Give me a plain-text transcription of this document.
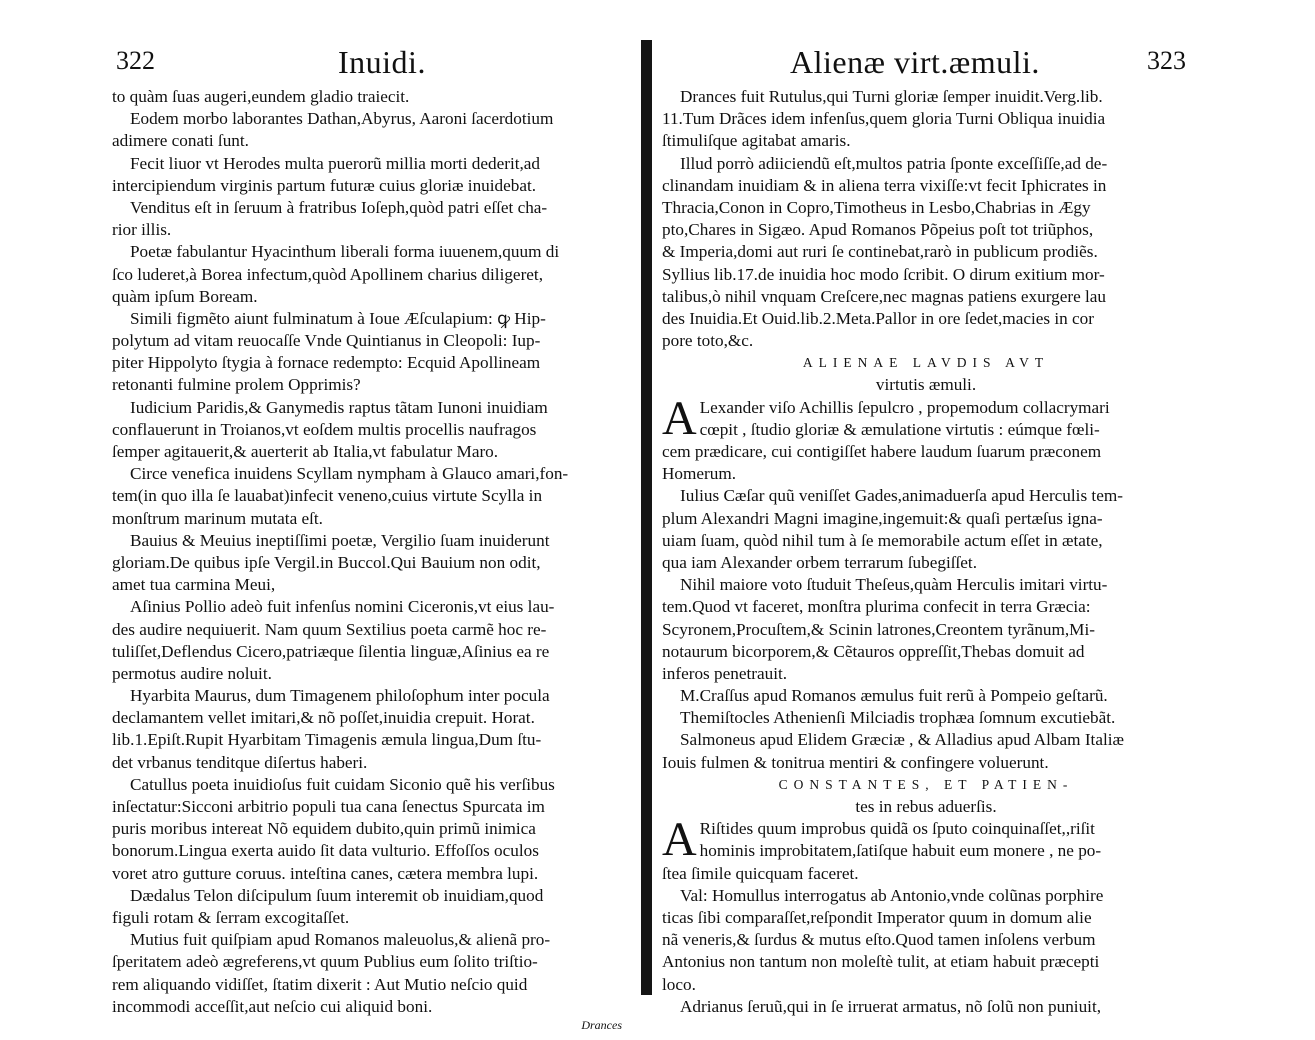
322	Inuidi.
to quàm ſuas augeri,eundem gladio traiecit.
Eodem morbo laborantes Dathan,Abyrus, Aaroni ſacerdotium
adimere conati ſunt.
Fecit liuor vt Herodes multa puerorũ millia morti dederit,ad
intercipiendum virginis partum futuræ cuius gloriæ inuidebat.
Venditus eſt in ſeruum à fratribus Ioſeph,quòd patri eſſet cha-
rior illis.
Poetæ fabulantur Hyacinthum liberali forma iuuenem,quum di
ſco luderet,à Borea infectum,quòd Apollinem charius diligeret,
quàm ipſum Boream.
Simili figmẽto aiunt fulminatum à Ioue Æſculapium: ꝙ Hip-
polytum ad vitam reuocaſſe Vnde Quintianus in Cleopoli: Iup-
piter Hippolyto ſtygia à fornace redempto: Ecquid Apollineam
retonanti fulmine prolem Opprimis?
Iudicium Paridis,& Ganymedis raptus tãtam Iunoni inuidiam
conflauerunt in Troianos,vt eoſdem multis procellis naufragos
ſemper agitauerit,& auerterit ab Italia,vt fabulatur Maro.
Circe venefica inuidens Scyllam nympham à Glauco amari,fon-
tem(in quo illa ſe lauabat)infecit veneno,cuius virtute Scylla in
monſtrum marinum mutata eſt.
Bauius & Meuius ineptiſſimi poetæ, Vergilio ſuam inuiderunt
gloriam.De quibus ipſe Vergil.in Buccol.Qui Bauium non odit,
amet tua carmina Meui,
Aſinius Pollio adeò fuit infenſus nomini Ciceronis,vt eius lau-
des audire nequiuerit. Nam quum Sextilius poeta carmẽ hoc re-
tuliſſet,Deflendus Cicero,patriæque ſilentia linguæ,Aſinius ea re
permotus audire noluit.
Hyarbita Maurus, dum Timagenem philoſophum inter pocula
declamantem vellet imitari,& nõ poſſet,inuidia crepuit. Horat.
lib.1.Epiſt.Rupit Hyarbitam Timagenis æmula lingua,Dum ſtu-
det vrbanus tenditque diſertus haberi.
Catullus poeta inuidioſus fuit cuidam Siconio quẽ his verſibus
inſectatur:Sicconi arbitrio populi tua cana ſenectus Spurcata im
puris moribus intereat Nõ equidem dubito,quin primũ inimica
bonorum.Lingua exerta auido ſit data vulturio. Effoſſos oculos
voret atro gutture coruus. inteſtina canes, cætera membra lupi.
Dædalus Telon diſcipulum ſuum interemit ob inuidiam,quod
figuli rotam & ſerram excogitaſſet.
Mutius fuit quiſpiam apud Romanos maleuolus,& alienã pro-
ſperitatem adeò ægreferens,vt quum Publius eum ſolito triſtio-
rem aliquando vidiſſet, ſtatim dixerit : Aut Mutio neſcio quid
incommodi acceſſit,aut neſcio cui aliquid boni.
Drances
Alienæ virt.æmuli.	323
Drances fuit Rutulus,qui Turni gloriæ ſemper inuidit.Verg.lib.
11.Tum Drãces idem infenſus,quem gloria Turni Obliqua inuidia
ſtimuliſque agitabat amaris.
Illud porrò adiiciendũ eſt,multos patria ſponte exceſſiſſe,ad de-
clinandam inuidiam & in aliena terra vixiſſe:vt fecit Iphicrates in
Thracia,Conon in Copro,Timotheus in Lesbo,Chabrias in Ægy
pto,Chares in Sigæo. Apud Romanos Põpeius poſt tot triũphos,
& Imperia,domi aut ruri ſe continebat,rarò in publicum prodiẽs.
Syllius lib.17.de inuidia hoc modo ſcribit. O dirum exitium mor-
talibus,ò nihil vnquam Creſcere,nec magnas patiens exurgere lau
des Inuidia.Et Ouid.lib.2.Meta.Pallor in ore ſedet,macies in cor
pore toto,&c.
ALIENAE LAVDIS AVT
virtutis æmuli.
A Lexander viſo Achillis ſepulcro , propemodum collacrymari
cœpit , ſtudio gloriæ & æmulatione virtutis : eúmque fœli-
cem prædicare, cui contigiſſet habere laudum ſuarum præconem
Homerum.
Iulius Cæſar quũ veniſſet Gades,animaduerſa apud Herculis tem-
plum Alexandri Magni imagine,ingemuit:& quaſi pertæſus igna-
uiam ſuam, quòd nihil tum à ſe memorabile actum eſſet in ætate,
qua iam Alexander orbem terrarum ſubegiſſet.
Nihil maiore voto ſtuduit Theſeus,quàm Herculis imitari virtu-
tem.Quod vt faceret, monſtra plurima confecit in terra Græcia:
Scyronem,Procuſtem,& Scinin latrones,Creontem tyrãnum,Mi-
notaurum bicorporem,& Cẽtauros oppreſſit,Thebas domuit ad
inferos penetrauit.
M.Craſſus apud Romanos æmulus fuit rerũ à Pompeio geſtarũ.
Themiſtocles Athenienſi Milciadis trophæa ſomnum excutiebãt.
Salmoneus apud Elidem Græciæ , & Alladius apud Albam Italiæ
Iouis fulmen & tonitrua mentiri & confingere voluerunt.
CONSTANTES, ET PATIEN-
tes in rebus aduerſis.
A Riſtides quum improbus quidã os ſputo coinquinaſſet,,riſit
hominis improbitatem,ſatiſque habuit eum monere , ne po-
ſtea ſimile quicquam faceret.
Val: Homullus interrogatus ab Antonio,vnde colũnas porphire
ticas ſibi comparaſſet,reſpondit Imperator quum in domum alie
nã veneris,& ſurdus & mutus eſto.Quod tamen inſolens verbum
Antonius non tantum non moleſtè tulit, at etiam habuit præcepti
loco.
Adrianus ſeruũ,qui in ſe irruerat armatus, nõ ſolũ non puniuit,
